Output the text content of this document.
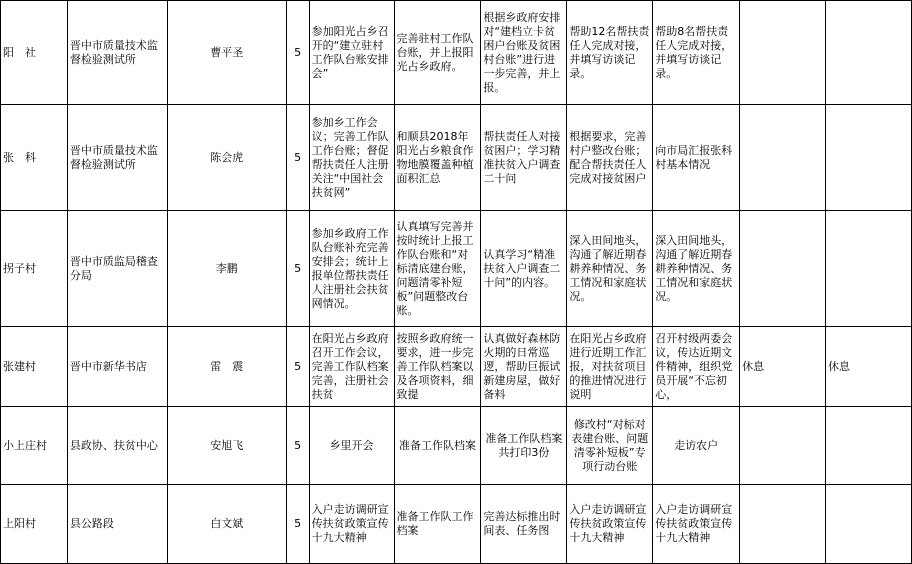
阳　社	晋中市质量技术监督检验测试所	曹平圣	5	参加阳光占乡召开的“建立驻村工作队台账安排会”	完善驻村工作队台账，并上报阳光占乡政府。	根据乡政府安排对“建档立卡贫困户台账及贫困村台账”进行进一步完善，并上报。	帮助12名帮扶责任人完成对接，并填写访谈记录。	帮助8名帮扶责任人完成对接，并填写访谈记录。		
张　科	晋中市质量技术监督检验测试所	陈会虎	5	参加乡工作会议；完善工作队工作台账；督促帮扶责任人注册关注“中国社会扶贫网”	和顺县2018年阳光占乡粮食作物地膜覆盖种植面积汇总	帮扶责任人对接贫困户；学习精准扶贫入户调查二十问	根据要求，完善村户整改台账；配合帮扶责任人完成对接贫困户	向市局汇报张科村基本情况		
拐子村	晋中市质监局稽查分局	李鹏	5	参加乡政府工作队台账补充完善安排会；统计上报单位帮扶责任人注册社会扶贫网情况。	认真填写完善并按时统计上报工作队台账和“对标清底建台账，问题清零补短板”问题整改台账。	认真学习“精准扶贫入户调查二十问”的内容。	深入田间地头，沟通了解近期春耕养种情况、务工情况和家庭状况。	深入田间地头，沟通了解近期春耕养种情况、务工情况和家庭状况。		
张建村	晋中市新华书店	雷　震	5	在阳光占乡政府召开工作会议，完善工作队档案完善，注册社会扶贫	按照乡政府统一要求，进一步完善工作队档案以及各项资料，细致提	认真做好森林防火期的日常巡逻，帮助巨振试新建房屋，做好备料	在阳光占乡政府进行近期工作汇报，对扶贫项目的推进情况进行说明	召开村级两委会议，传达近期文件精神，组织党员开展“不忘初心，	休息	休息
小上庄村	县政协、扶贫中心	安旭飞	5	乡里开会	准备工作队档案	准备工作队档案共打印3份	修改村“对标对表建台账、问题清零补短板”专项行动台账	走访农户		
上阳村	县公路段	白文斌	5	入户走访调研宣传扶贫政策宣传十九大精神	准备工作队工作档案	完善达标推出时间表、任务图	入户走访调研宣传扶贫政策宣传十九大精神	入户走访调研宣传扶贫政策宣传十九大精神		
